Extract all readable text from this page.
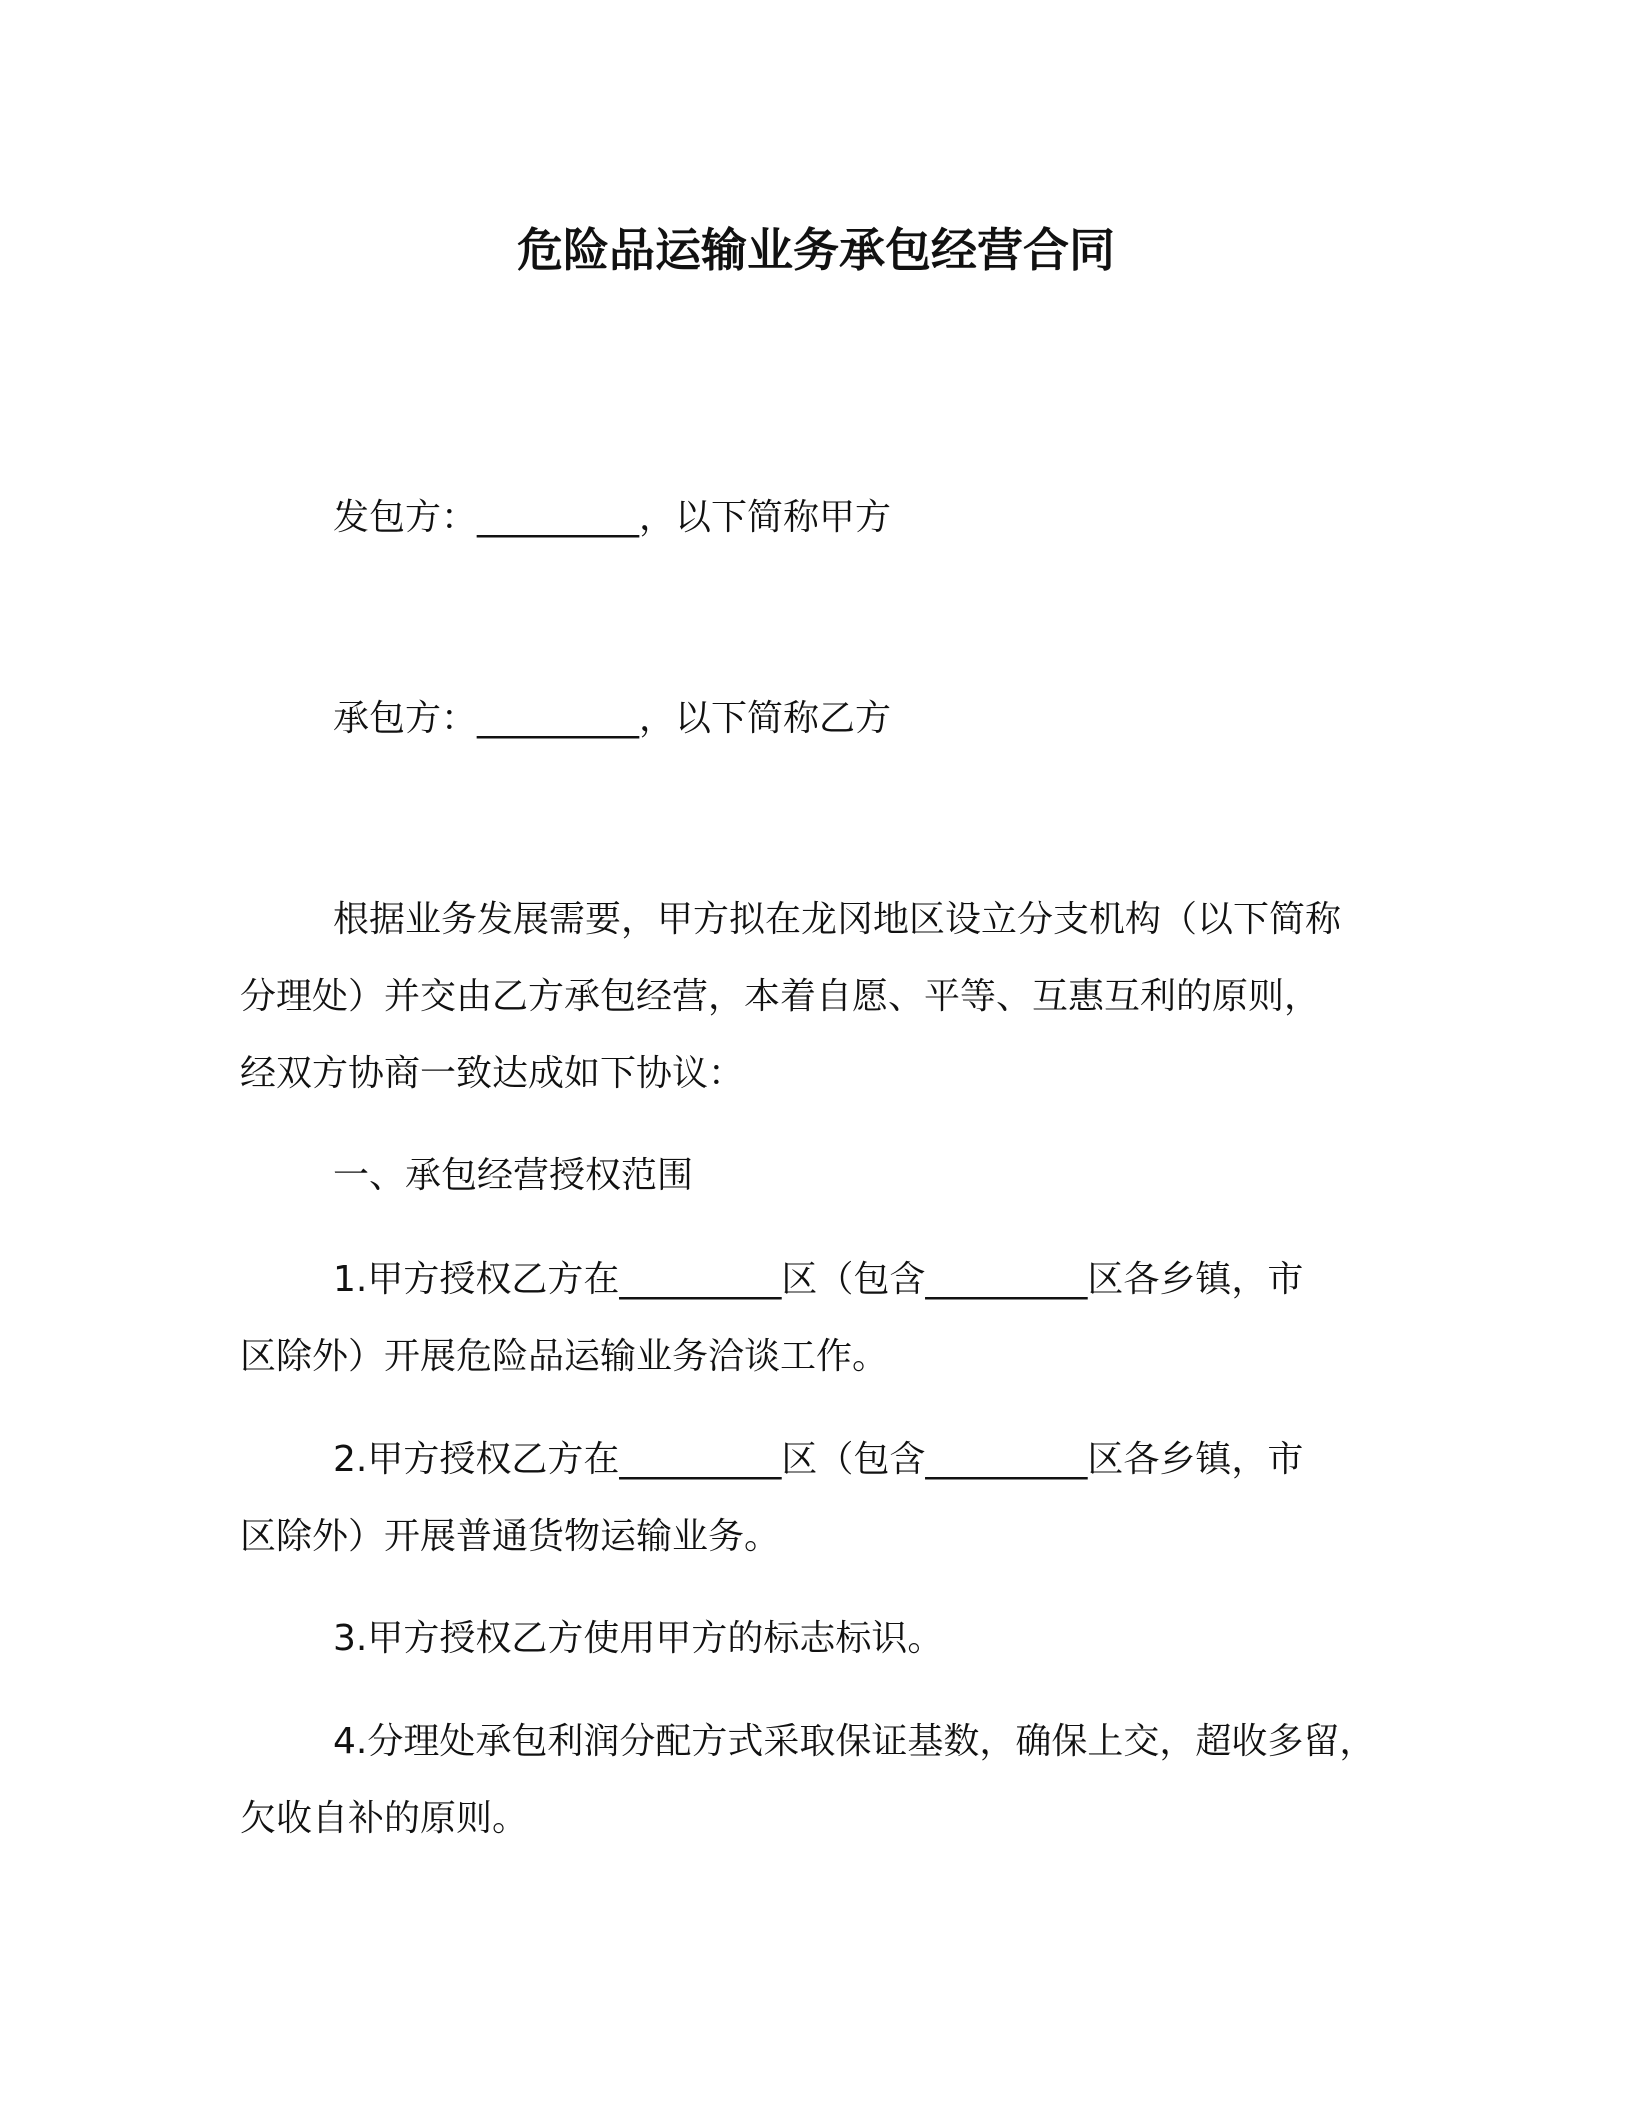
危险品运输业务承包经营合同
发包方：_________，以下简称甲方
承包方：_________，以下简称乙方
根据业务发展需要，甲方拟在龙冈地区设立分支机构（以下简称
分理处）并交由乙方承包经营，本着自愿、平等、互惠互利的原则，
经双方协商一致达成如下协议：
一、承包经营授权范围
1.甲方授权乙方在_________区（包含_________区各乡镇，市
区除外）开展危险品运输业务洽谈工作。
2.甲方授权乙方在_________区（包含_________区各乡镇，市
区除外）开展普通货物运输业务。
3.甲方授权乙方使用甲方的标志标识。
4.分理处承包利润分配方式采取保证基数，确保上交，超收多留，
欠收自补的原则。
